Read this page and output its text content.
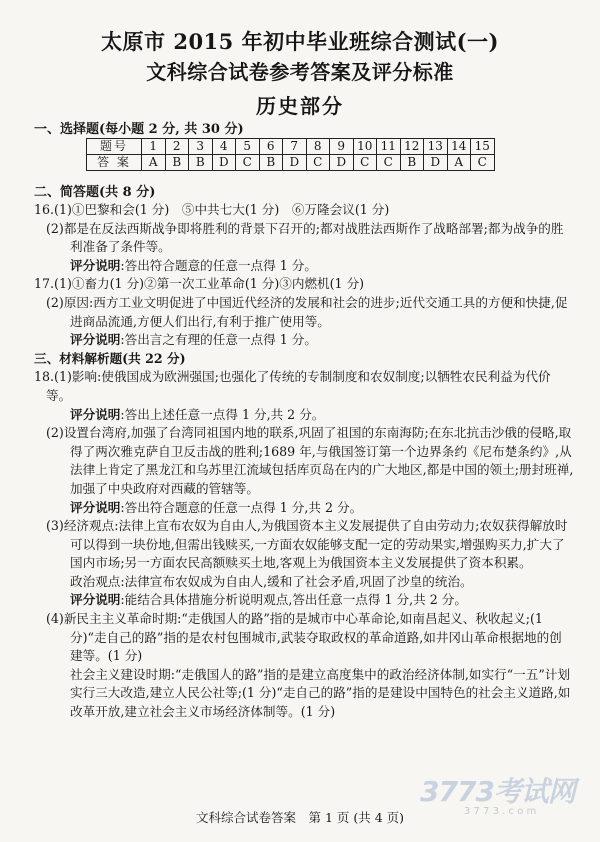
太原市 2015 年初中毕业班综合测试(一)
文科综合试卷参考答案及评分标准
历史部分
一、选择题(每小题 2 分, 共 30 分)
题号	1	2	3	4	5	6	7	8	9	10	11	12	13	14	15
答 案	A	B	B	D	C	B	D	C	D	C	C	B	D	A	C
二、简答题(共 8 分)

16.(1)①巴黎和会(1 分)　⑤中共七大(1 分)　⑥万隆会议(1 分)

(2)都是在反法西斯战争即将胜利的背景下召开的;都对战胜法西斯作了战略部署;都为战争的胜利准备了条件等。

评分说明:答出符合题意的任意一点得 1 分。

17.(1)①畜力(1 分)②第一次工业革命(1 分)③内燃机(1 分)

(2)原因:西方工业文明促进了中国近代经济的发展和社会的进步;近代交通工具的方便和快捷,促进商品流通,方便人们出行,有利于推广使用等。

评分说明:答出言之有理的任意一点得 1 分。

三、材料解析题(共 22 分)

18.(1)影响:使俄国成为欧洲强国;也强化了传统的专制制度和农奴制度;以牺牲农民利益为代价等。

评分说明:答出上述任意一点得 1 分,共 2 分。

(2)设置台湾府,加强了台湾同祖国内地的联系,巩固了祖国的东南海防;在东北抗击沙俄的侵略,取得了两次雅克萨自卫反击战的胜利;1689 年,与俄国签订第一个边界条约《尼布楚条约》,从法律上肯定了黑龙江和乌苏里江流域包括库页岛在内的广大地区,都是中国的领土;册封班禅,加强了中央政府对西藏的管辖等。

评分说明:答出符合题意的任意一点得 1 分,共 2 分。

(3)经济观点:法律上宣布农奴为自由人,为俄国资本主义发展提供了自由劳动力;农奴获得解放时可以得到一块份地,但需出钱赎买,一方面农奴能够支配一定的劳动果实,增强购买力,扩大了国内市场;另一方面农民高额赎买土地,客观上为俄国资本主义发展提供了资本积累。

政治观点:法律宣布农奴成为自由人,缓和了社会矛盾,巩固了沙皇的统治。

评分说明:能结合具体措施分析说明观点,答出任意一点得 1 分,共 2 分。

(4)新民主主义革命时期:“走俄国人的路”指的是城市中心革命论,如南昌起义、秋收起义;(1 分)“走自己的路”指的是农村包围城市,武装夺取政权的革命道路,如井冈山革命根据地的创建等。(1 分)

社会主义建设时期:“走俄国人的路”指的是建立高度集中的政治经济体制,如实行“一五”计划实行三大改造,建立人民公社等;(1 分)“走自己的路”指的是建设中国特色的社会主义道路,如改革开放,建立社会主义市场经济体制等。(1 分)

3773考试网
3 7 7 3 . c o m
文科综合试卷答案　第 1 页 (共 4 页)
